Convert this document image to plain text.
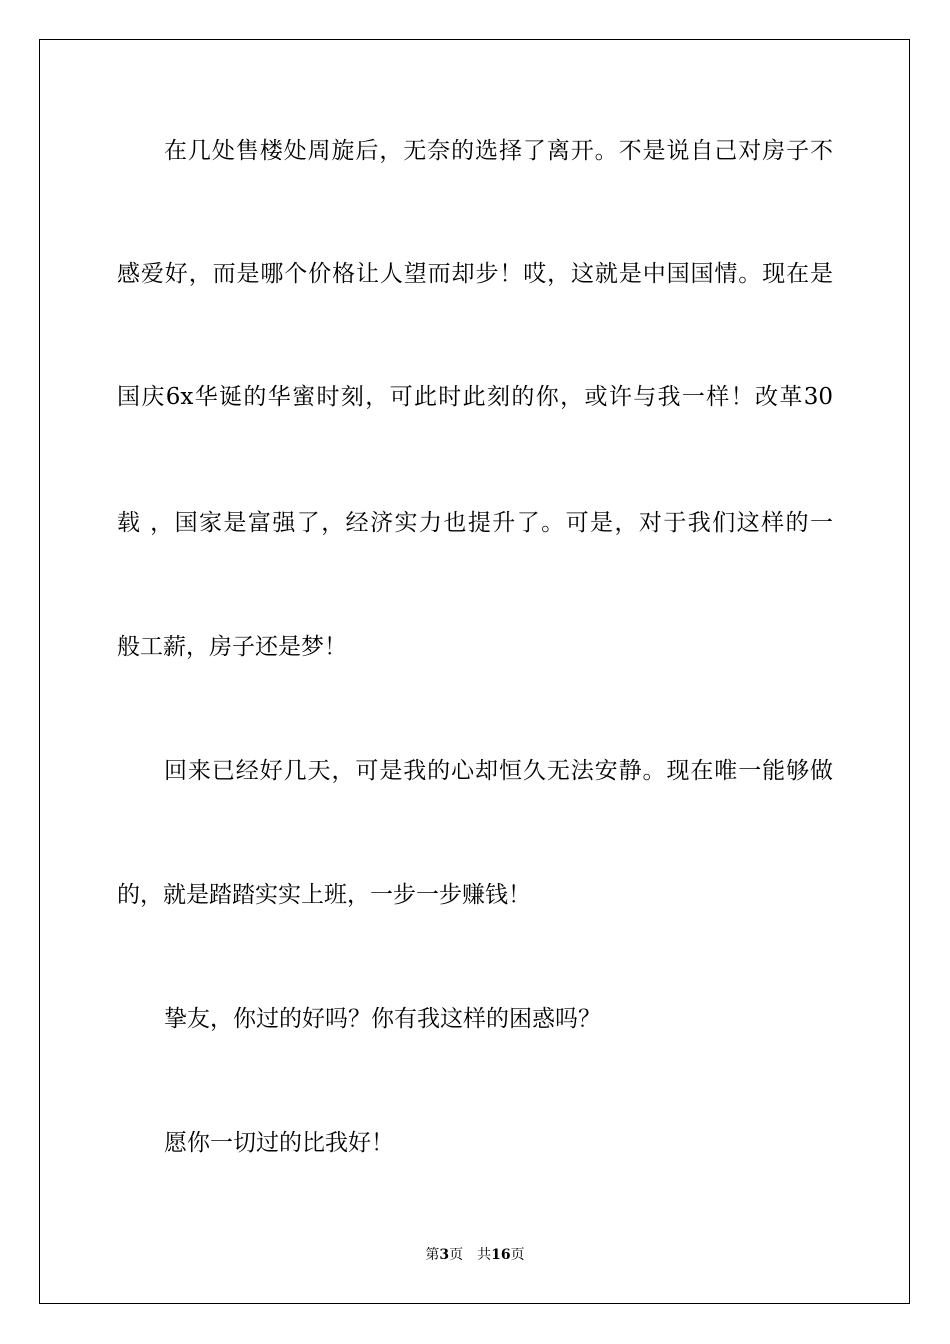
在几处售楼处周旋后，无奈的选择了离开。不是说自己对房子不
感爱好，而是哪个价格让人望而却步！哎，这就是中国国情。现在是
国庆6x华诞的华蜜时刻，可此时此刻的你，或许与我一样！改革30
载 ，国家是富强了，经济实力也提升了。可是，对于我们这样的一
般工薪，房子还是梦！
回来已经好几天，可是我的心却恒久无法安静。现在唯一能够做
的，就是踏踏实实上班，一步一步赚钱！
挚友，你过的好吗？你有我这样的困惑吗？
愿你一切过的比我好！
第3页 共16页
